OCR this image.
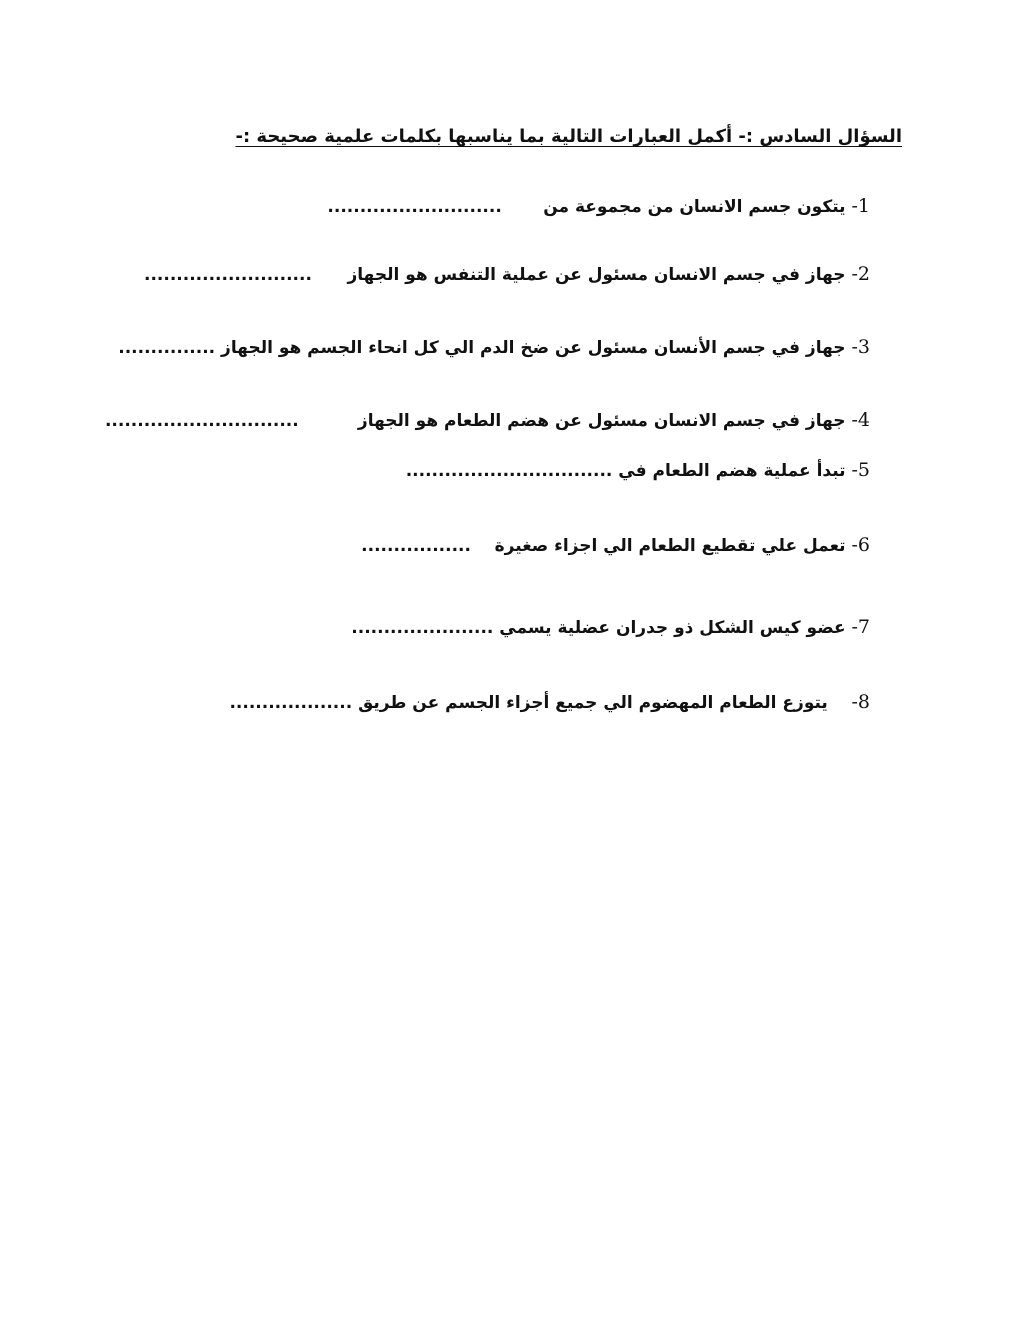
السؤال السادس :- أكمل العبارات التالية بما يناسبها بكلمات علمية صحيحة :-
1- يتكون جسم الانسان من مجموعة من       ...........................
2- جهاز في جسم الانسان مسئول عن عملية التنفس هو الجهاز      ..........................
3- جهاز في جسم الأنسان مسئول عن ضخ الدم الي كل انحاء الجسم هو الجهاز ...............
4- جهاز في جسم الانسان مسئول عن هضم الطعام هو الجهاز          ..............................
5- تبدأ عملية هضم الطعام في ................................
6- تعمل علي تقطيع الطعام الي اجزاء صغيرة    .................
7- عضو كيس الشكل ذو جدران عضلية يسمي ......................
8-    يتوزع الطعام المهضوم الي جميع أجزاء الجسم عن طريق ...................
